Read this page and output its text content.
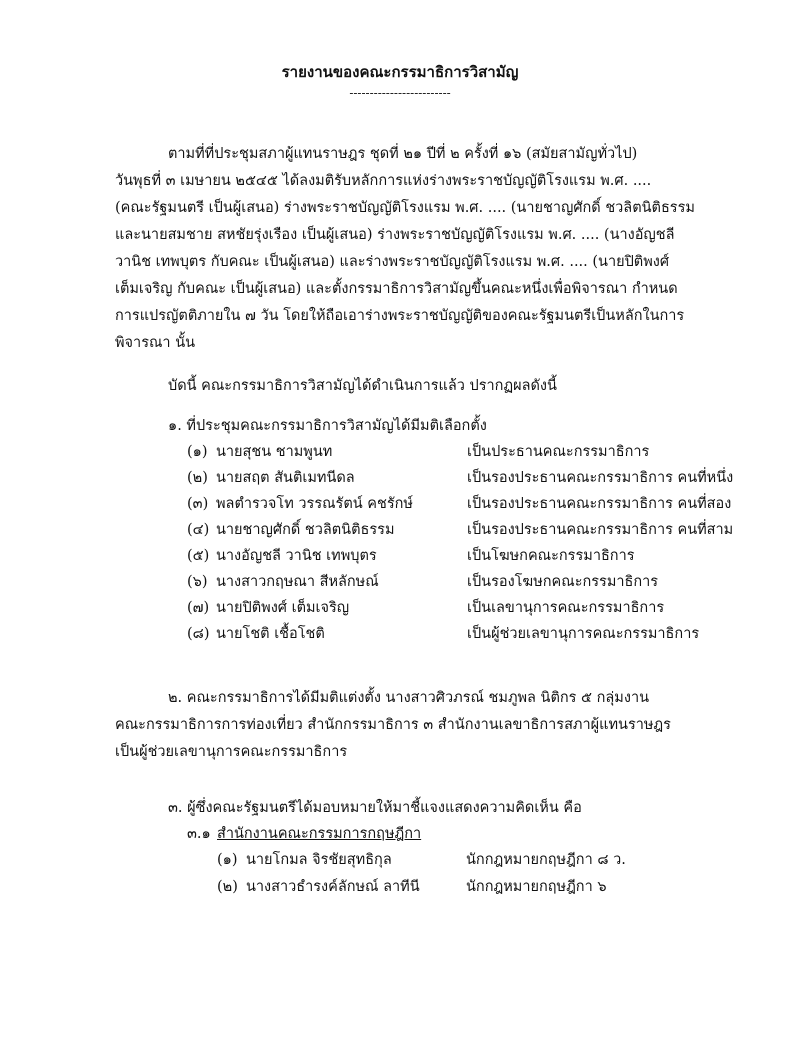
รายงานของคณะกรรมาธิการวิสามัญ
-------------------------
ตามที่ที่ประชุมสภาผู้แทนราษฎร ชุดที่ ๒๑ ปีที่ ๒ ครั้งที่ ๑๖ (สมัยสามัญทั่วไป)
วันพุธที่ ๓ เมษายน ๒๕๔๕ ได้ลงมติรับหลักการแห่งร่างพระราชบัญญัติโรงแรม พ.ศ. ....
(คณะรัฐมนตรี เป็นผู้เสนอ) ร่างพระราชบัญญัติโรงแรม พ.ศ. .... (นายชาญศักดิ์ ชวลิตนิติธรรม
และนายสมชาย สหชัยรุ่งเรือง เป็นผู้เสนอ) ร่างพระราชบัญญัติโรงแรม พ.ศ. .... (นางอัญชลี
วานิช เทพบุตร กับคณะ เป็นผู้เสนอ) และร่างพระราชบัญญัติโรงแรม พ.ศ. .... (นายปิติพงศ์
เต็มเจริญ กับคณะ เป็นผู้เสนอ) และตั้งกรรมาธิการวิสามัญขึ้นคณะหนึ่งเพื่อพิจารณา กำหนด
การแปรญัตติภายใน ๗ วัน โดยให้ถือเอาร่างพระราชบัญญัติของคณะรัฐมนตรีเป็นหลักในการ
พิจารณา นั้น
บัดนี้ คณะกรรมาธิการวิสามัญได้ดำเนินการแล้ว ปรากฏผลดังนี้
๑. ที่ประชุมคณะกรรมาธิการวิสามัญได้มีมติเลือกตั้ง
(๑) นายสุชน ชามพูนท	เป็นประธานคณะกรรมาธิการ
(๒) นายสฤต สันติเมทนีดล	เป็นรองประธานคณะกรรมาธิการ คนที่หนึ่ง
(๓) พลตำรวจโท วรรณรัตน์ คชรักษ์	เป็นรองประธานคณะกรรมาธิการ คนที่สอง
(๔) นายชาญศักดิ์ ชวลิตนิติธรรม	เป็นรองประธานคณะกรรมาธิการ คนที่สาม
(๕) นางอัญชลี วานิช เทพบุตร	เป็นโฆษกคณะกรรมาธิการ
(๖) นางสาวกฤษณา สีหลักษณ์	เป็นรองโฆษกคณะกรรมาธิการ
(๗) นายปิติพงศ์ เต็มเจริญ	เป็นเลขานุการคณะกรรมาธิการ
(๘) นายโชติ เชื้อโชติ	เป็นผู้ช่วยเลขานุการคณะกรรมาธิการ
๒. คณะกรรมาธิการได้มีมติแต่งตั้ง นางสาวศิวภรณ์ ชมภูพล นิติกร ๕ กลุ่มงาน
คณะกรรมาธิการการท่องเที่ยว สำนักกรรมาธิการ ๓ สำนักงานเลขาธิการสภาผู้แทนราษฎร
เป็นผู้ช่วยเลขานุการคณะกรรมาธิการ
๓. ผู้ซึ่งคณะรัฐมนตรีได้มอบหมายให้มาชี้แจงแสดงความคิดเห็น คือ
๓.๑ สำนักงานคณะกรรมการกฤษฎีกา
(๑) นายโกมล จิรชัยสุทธิกุล	นักกฎหมายกฤษฎีกา ๘ ว.
(๒) นางสาวธำรงค์ลักษณ์ ลาทีนี	นักกฎหมายกฤษฎีกา ๖
